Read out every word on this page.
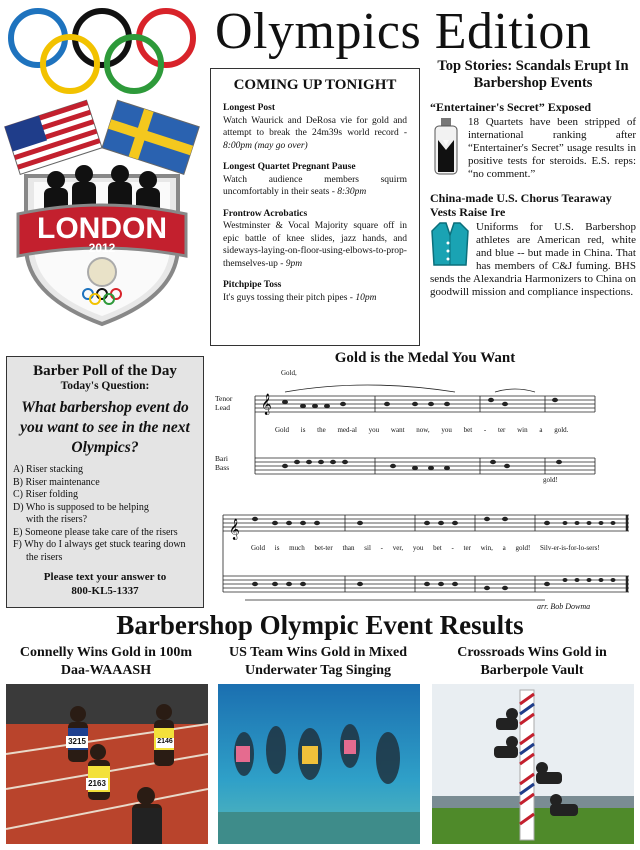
Olympics Edition
LONDON
2012
COMING UP TONIGHT
Longest Post
Watch Waurick and DeRosa vie for gold and attempt to break the 24m39s world record - 8:00pm (may go over)
Longest Quartet Pregnant Pause
Watch audience members squirm uncomfortably in their seats - 8:30pm
Frontrow Acrobatics
Westminster & Vocal Majority square off in epic battle of knee slides, jazz hands, and sideways-laying-on-floor-using-elbows-to-prop-themselves-up - 9pm
Pitchpipe Toss
It's guys tossing their pitch pipes - 10pm
Top Stories: Scandals Erupt In Barbershop Events
“Entertainer's Secret” Exposed
18 Quartets have been stripped of international ranking after “Entertainer's Secret” usage results in positive tests for steroids. E.S. reps: “no comment.”
China-made U.S. Chorus Tearaway Vests Raise Ire
Uniforms for U.S. Barbershop athletes are American red, white and blue -- but made in China. That has members of C&J fuming. BHS sends the Alexandria Harmonizers to China on goodwill mission and compliance inspections.
Barber Poll of the Day
Today's Question:
What barbershop event do you want to see in the next Olympics?
A) Riser stacking
B) Riser maintenance
C) Riser folding
D) Who is supposed to be helping
with the risers?
E) Someone please take care of the risers
F) Why do I always get stuck tearing down
the risers
Please text your answer to
800-KL5-1337
Gold is the Medal You Want
𝄞
𝄞
Tenor
Lead
Bari
Bass
Gold,
Gold is the med-al you want now, you bet - ter win a gold.
gold!
Gold is much bet-ter than sil - ver, you bet - ter win, a gold! Silv-er-is-for-lo-sers!
arr. Bob Dowma
Barbershop Olympic Event Results
Connelly Wins Gold in 100m Daa-WAAASH
US Team Wins Gold in Mixed Underwater Tag Singing
Crossroads Wins Gold in Barberpole Vault
3215
2163
2146
